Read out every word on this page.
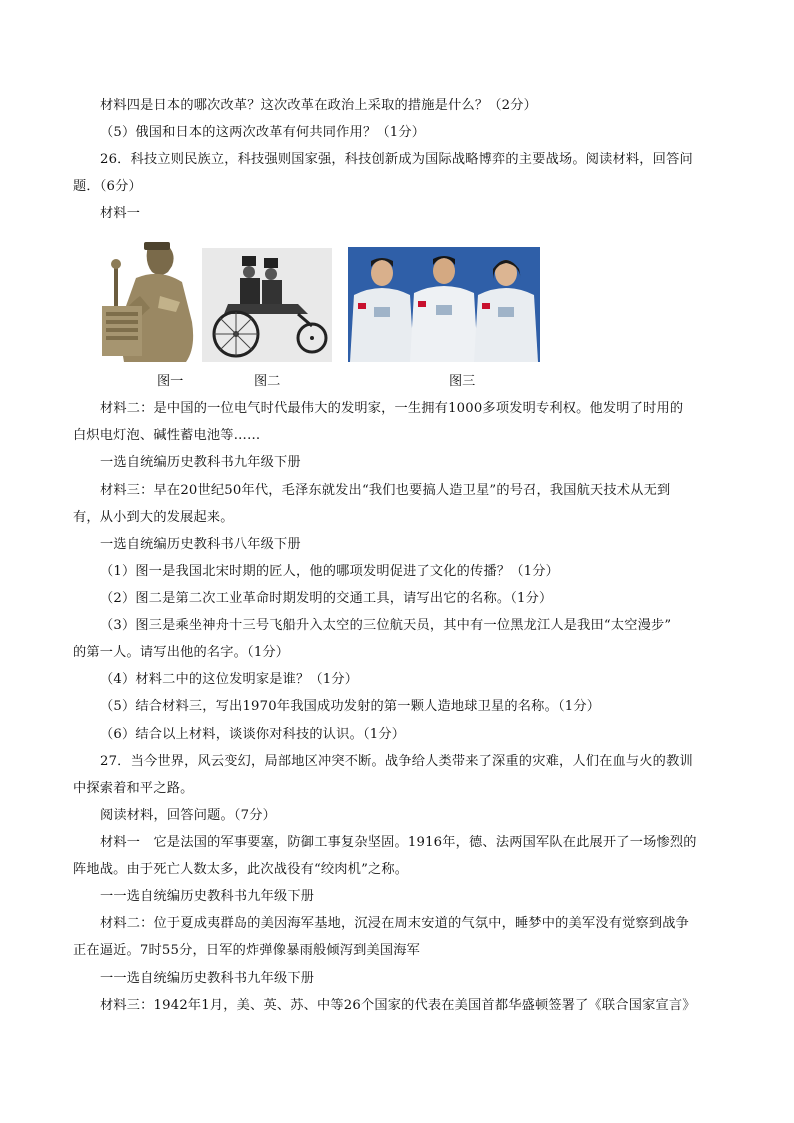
材料四是日本的哪次改革？这次改革在政治上采取的措施是什么？（2分）
（5）俄国和日本的这两次改革有何共同作用？（1分）
26．科技立则民族立，科技强则国家强，科技创新成为国际战略博弈的主要战场。阅读材料，回答问
题．（6分）
材料一
图一	图二	图三
材料二：是中国的一位电气时代最伟大的发明家，一生拥有1000多项发明专利权。他发明了时用的
白炽电灯泡、碱性蓄电池等……
一选自统编历史教科书九年级下册
材料三：早在20世纪50年代，毛泽东就发出“我们也要搞人造卫星”的号召，我国航天技术从无到
有，从小到大的发展起来。
一选自统编历史教科书八年级下册
（1）图一是我国北宋时期的匠人，他的哪项发明促进了文化的传播？（1分）
（2）图二是第二次工业革命时期发明的交通工具，请写出它的名称。（1分）
（3）图三是乘坐神舟十三号飞船升入太空的三位航天员，其中有一位黑龙江人是我田“太空漫步”
的第一人。请写出他的名字。（1分）
（4）材料二中的这位发明家是谁？（1分）
（5）结合材料三，写出1970年我国成功发射的第一颗人造地球卫星的名称。（1分）
（6）结合以上材料，谈谈你对科技的认识。（1分）
27．当今世界，风云变幻，局部地区冲突不断。战争给人类带来了深重的灾难，人们在血与火的教训
中探索着和平之路。
阅读材料，回答问题。（7分）
材料一　它是法国的军事要塞，防御工事复杂坚固。1916年，德、法两国军队在此展开了一场惨烈的
阵地战。由于死亡人数太多，此次战役有“绞肉机”之称。
一一选自统编历史教科书九年级下册
材料二：位于夏成夷群岛的美因海军基地，沉浸在周末安道的气氛中，睡梦中的美军没有觉察到战争
正在逼近。7时55分，日军的炸弹像暴雨般倾泻到美国海军
一一选自统编历史教科书九年级下册
材料三：1942年1月，美、英、苏、中等26个国家的代表在美国首都华盛顿签署了《联合国家宣言》
